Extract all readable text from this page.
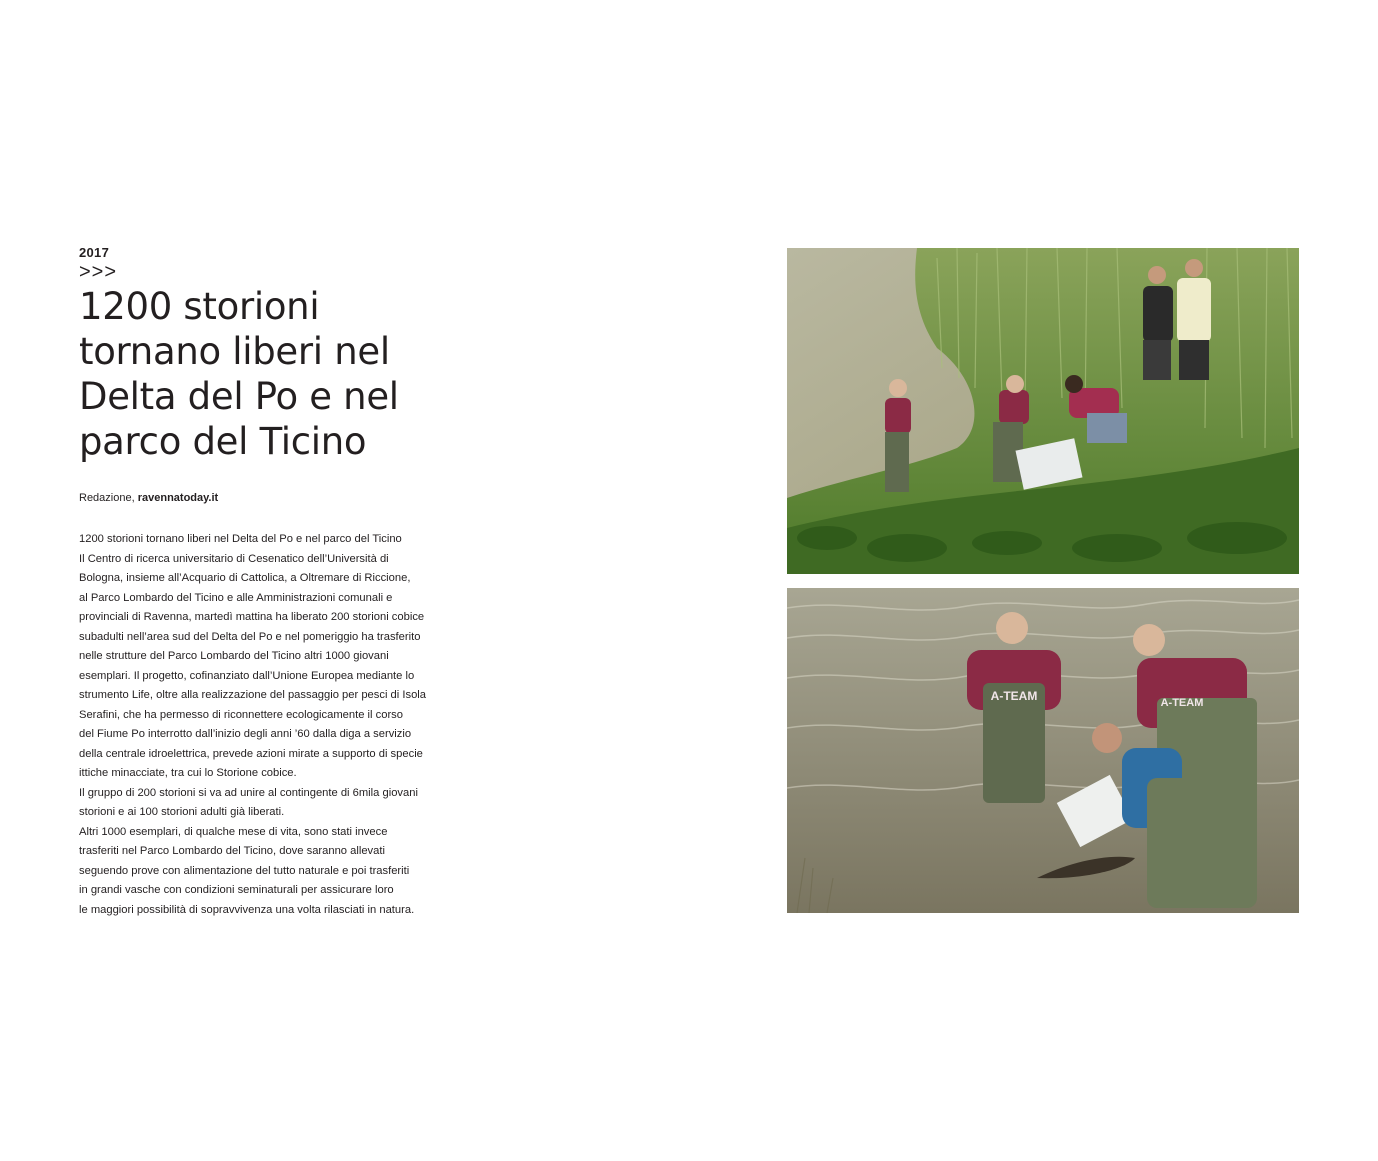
2017

>>>
1200 storioni
tornano liberi nel
Delta del Po e nel
parco del Ticino
Redazione, ravennatoday.it
1200 storioni tornano liberi nel Delta del Po e nel parco del Ticino
Il Centro di ricerca universitario di Cesenatico dell’Università di
Bologna, insieme all’Acquario di Cattolica, a Oltremare di Riccione,
al Parco Lombardo del Ticino e alle Amministrazioni comunali e
provinciali di Ravenna, martedì mattina ha liberato 200 storioni cobice
subadulti nell’area sud del Delta del Po e nel pomeriggio ha trasferito
nelle strutture del Parco Lombardo del Ticino altri 1000 giovani
esemplari. Il progetto, cofinanziato dall’Unione Europea mediante lo
strumento Life, oltre alla realizzazione del passaggio per pesci di Isola
Serafini, che ha permesso di riconnettere ecologicamente il corso
del Fiume Po interrotto dall’inizio degli anni ’60 dalla diga a servizio
della centrale idroelettrica, prevede azioni mirate a supporto di specie
ittiche minacciate, tra cui lo Storione cobice.
Il gruppo di 200 storioni si va ad unire al contingente di 6mila giovani
storioni e ai 100 storioni adulti già liberati.
Altri 1000 esemplari, di qualche mese di vita, sono stati invece
trasferiti nel Parco Lombardo del Ticino, dove saranno allevati
seguendo prove con alimentazione del tutto naturale e poi trasferiti
in grandi vasche con condizioni seminaturali per assicurare loro
le maggiori possibilità di sopravvivenza una volta rilasciati in natura.
A-TEAM	A-TEAM
